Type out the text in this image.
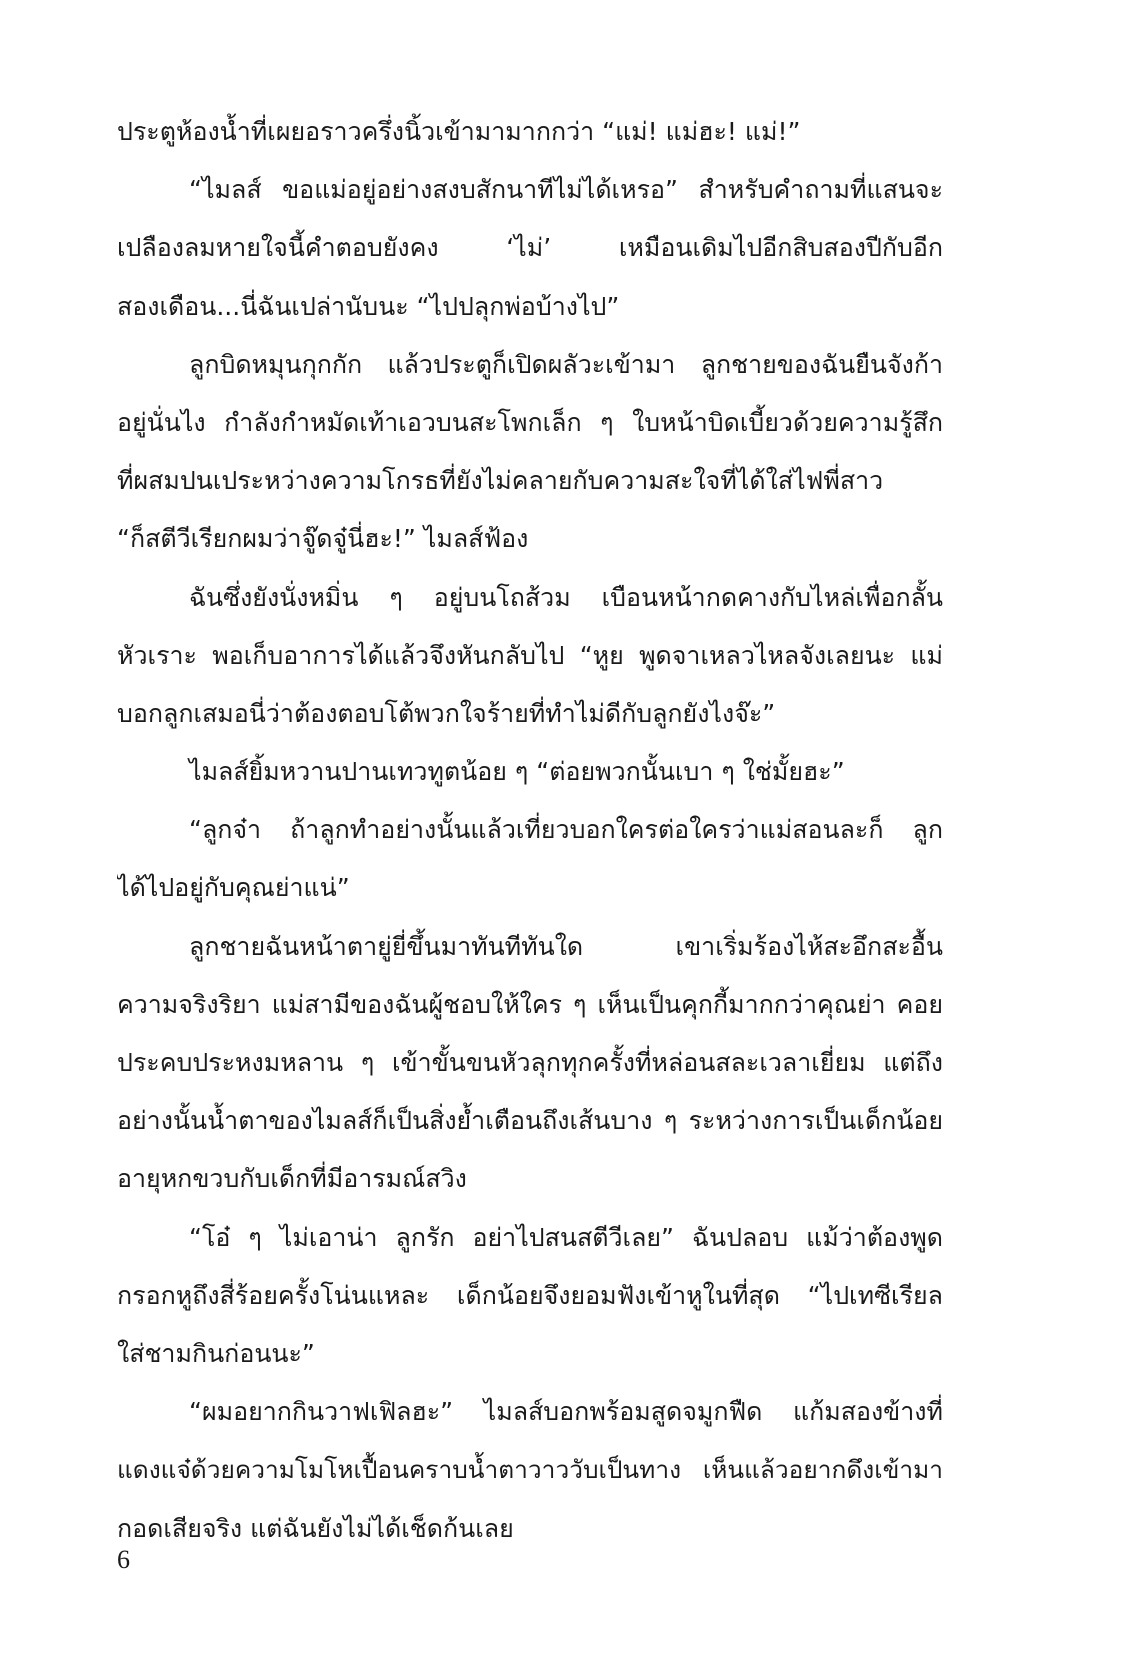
ประตูห้องน้ำที่เผยอราวครึ่งนิ้วเข้ามามากกว่า “แม่! แม่ฮะ! แม่!”
“ไมลส์ ขอแม่อยู่อย่างสงบสักนาทีไม่ได้เหรอ” สำหรับคำถามที่แสนจะ
เปลืองลมหายใจนี้คำตอบยังคง ‘ไม่’ เหมือนเดิมไปอีกสิบสองปีกับอีก
สองเดือน...นี่ฉันเปล่านับนะ “ไปปลุกพ่อบ้างไป”
ลูกบิดหมุนกุกกัก แล้วประตูก็เปิดผลัวะเข้ามา ลูกชายของฉันยืนจังก้า
อยู่นั่นไง กำลังกำหมัดเท้าเอวบนสะโพกเล็ก ๆ ใบหน้าบิดเบี้ยวด้วยความรู้สึก
ที่ผสมปนเประหว่างความโกรธที่ยังไม่คลายกับความสะใจที่ได้ใส่ไฟพี่สาว
“ก็สตีวีเรียกผมว่าจู๊ดจู๋นี่ฮะ!” ไมลส์ฟ้อง
ฉันซึ่งยังนั่งหมิ่น ๆ อยู่บนโถส้วม เบือนหน้ากดคางกับไหล่เพื่อกลั้น
หัวเราะ พอเก็บอาการได้แล้วจึงหันกลับไป “หูย พูดจาเหลวไหลจังเลยนะ แม่
บอกลูกเสมอนี่ว่าต้องตอบโต้พวกใจร้ายที่ทำไม่ดีกับลูกยังไงจ๊ะ”
ไมลส์ยิ้มหวานปานเทวทูตน้อย ๆ “ต่อยพวกนั้นเบา ๆ ใช่มั้ยฮะ”
“ลูกจ๋า ถ้าลูกทำอย่างนั้นแล้วเที่ยวบอกใครต่อใครว่าแม่สอนละก็ ลูก
ได้ไปอยู่กับคุณย่าแน่”
ลูกชายฉันหน้าตายู่ยี่ขึ้นมาทันทีทันใด เขาเริ่มร้องไห้สะอึกสะอื้น
ความจริงริยา แม่สามีของฉันผู้ชอบให้ใคร ๆ เห็นเป็นคุกกี้มากกว่าคุณย่า คอย
ประคบประหงมหลาน ๆ เข้าขั้นขนหัวลุกทุกครั้งที่หล่อนสละเวลาเยี่ยม แต่ถึง
อย่างนั้นน้ำตาของไมลส์ก็เป็นสิ่งย้ำเตือนถึงเส้นบาง ๆ ระหว่างการเป็นเด็กน้อย
อายุหกขวบกับเด็กที่มีอารมณ์สวิง
“โอ๋ ๆ ไม่เอาน่า ลูกรัก อย่าไปสนสตีวีเลย” ฉันปลอบ แม้ว่าต้องพูด
กรอกหูถึงสี่ร้อยครั้งโน่นแหละ เด็กน้อยจึงยอมฟังเข้าหูในที่สุด “ไปเทซีเรียล
ใส่ชามกินก่อนนะ”
“ผมอยากกินวาฟเฟิลฮะ” ไมลส์บอกพร้อมสูดจมูกฟืด แก้มสองข้างที่
แดงแจ๋ด้วยความโมโหเปื้อนคราบน้ำตาวาววับเป็นทาง เห็นแล้วอยากดึงเข้ามา
กอดเสียจริง แต่ฉันยังไม่ได้เช็ดก้นเลย
6
